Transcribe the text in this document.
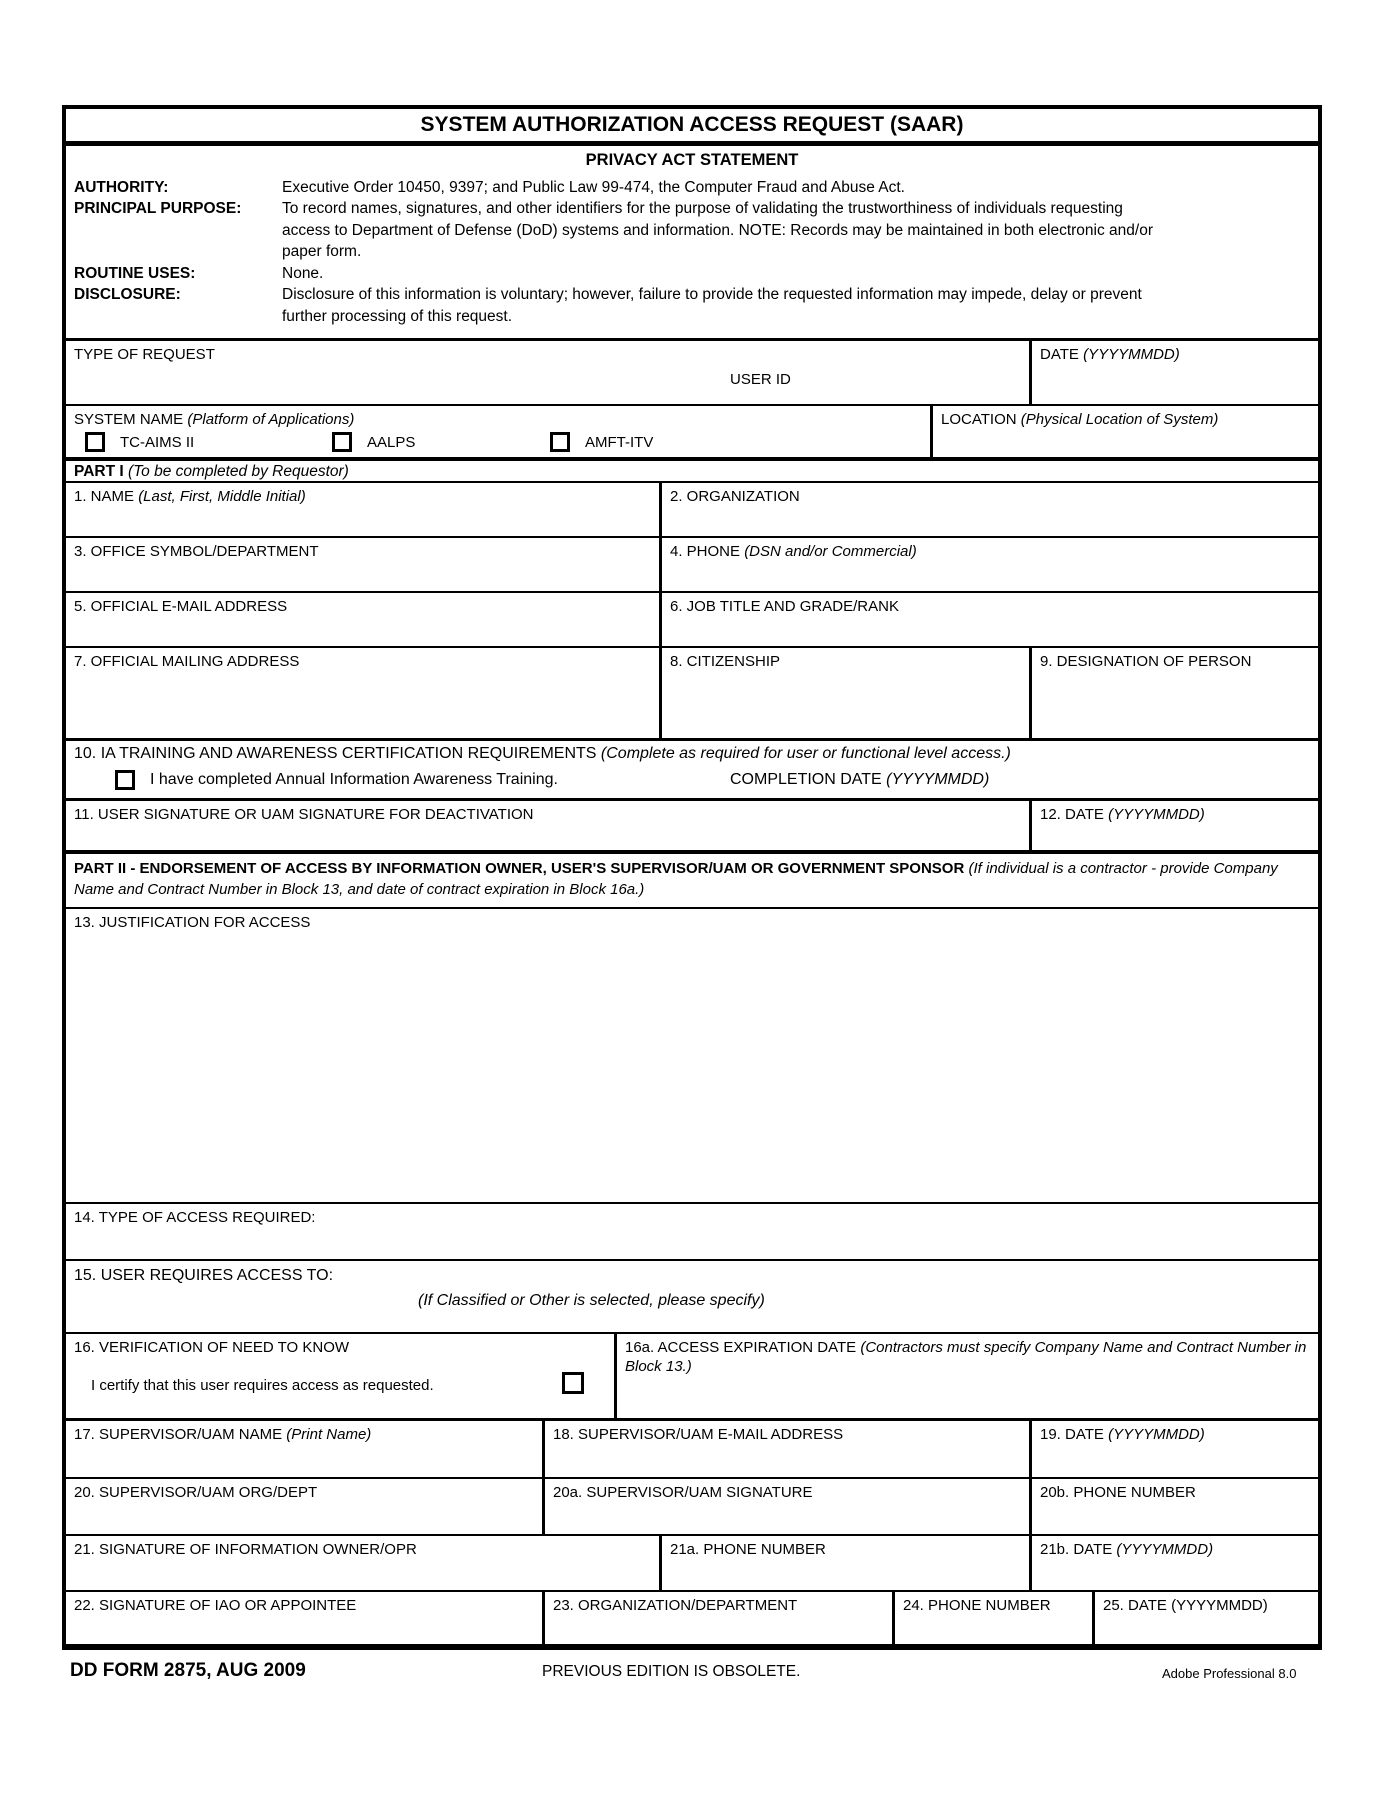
SYSTEM AUTHORIZATION ACCESS REQUEST (SAAR)
PRIVACY ACT STATEMENT
AUTHORITY:	Executive Order 10450, 9397; and Public Law 99-474, the Computer Fraud and Abuse Act.
PRINCIPAL PURPOSE:	To record names, signatures, and other identifiers for the purpose of validating the trustworthiness of individuals requesting access to Department of Defense (DoD) systems and information. NOTE: Records may be maintained in both electronic and/or paper form.
ROUTINE USES:	None.
DISCLOSURE:	Disclosure of this information is voluntary; however, failure to provide the requested information may impede, delay or prevent further processing of this request.
TYPE OF REQUEST
USER ID
DATE (YYYYMMDD)
SYSTEM NAME (Platform of Applications)
TC-AIMS II	AALPS	AMFT-ITV
LOCATION (Physical Location of System)
PART I (To be completed by Requestor)
1. NAME (Last, First, Middle Initial)	2. ORGANIZATION
3. OFFICE SYMBOL/DEPARTMENT	4. PHONE (DSN and/or Commercial)
5. OFFICIAL E-MAIL ADDRESS	6. JOB TITLE AND GRADE/RANK
7. OFFICIAL MAILING ADDRESS	8. CITIZENSHIP	9. DESIGNATION OF PERSON
10. IA TRAINING AND AWARENESS CERTIFICATION REQUIREMENTS (Complete as required for user or functional level access.)
I have completed Annual Information Awareness Training.	COMPLETION DATE (YYYYMMDD)
11. USER SIGNATURE OR UAM SIGNATURE FOR DEACTIVATION	12. DATE (YYYYMMDD)
PART II - ENDORSEMENT OF ACCESS BY INFORMATION OWNER, USER'S SUPERVISOR/UAM OR GOVERNMENT SPONSOR (If individual is a contractor - provide Company Name and Contract Number in Block 13, and date of contract expiration in Block 16a.)
13. JUSTIFICATION FOR ACCESS
14. TYPE OF ACCESS REQUIRED:
15. USER REQUIRES ACCESS TO:
(If Classified or Other is selected, please specify)
16. VERIFICATION OF NEED TO KNOW
I certify that this user requires access as requested.
16a. ACCESS EXPIRATION DATE (Contractors must specify Company Name and Contract Number in Block 13.)
17. SUPERVISOR/UAM NAME (Print Name)	18. SUPERVISOR/UAM E-MAIL ADDRESS	19. DATE (YYYYMMDD)
20. SUPERVISOR/UAM ORG/DEPT	20a. SUPERVISOR/UAM SIGNATURE	20b. PHONE NUMBER
21. SIGNATURE OF INFORMATION OWNER/OPR	21a. PHONE NUMBER	21b. DATE (YYYYMMDD)
22. SIGNATURE OF IAO OR APPOINTEE	23. ORGANIZATION/DEPARTMENT	24. PHONE NUMBER	25. DATE (YYYYMMDD)
DD FORM 2875, AUG 2009	PREVIOUS EDITION IS OBSOLETE.	Adobe Professional 8.0
